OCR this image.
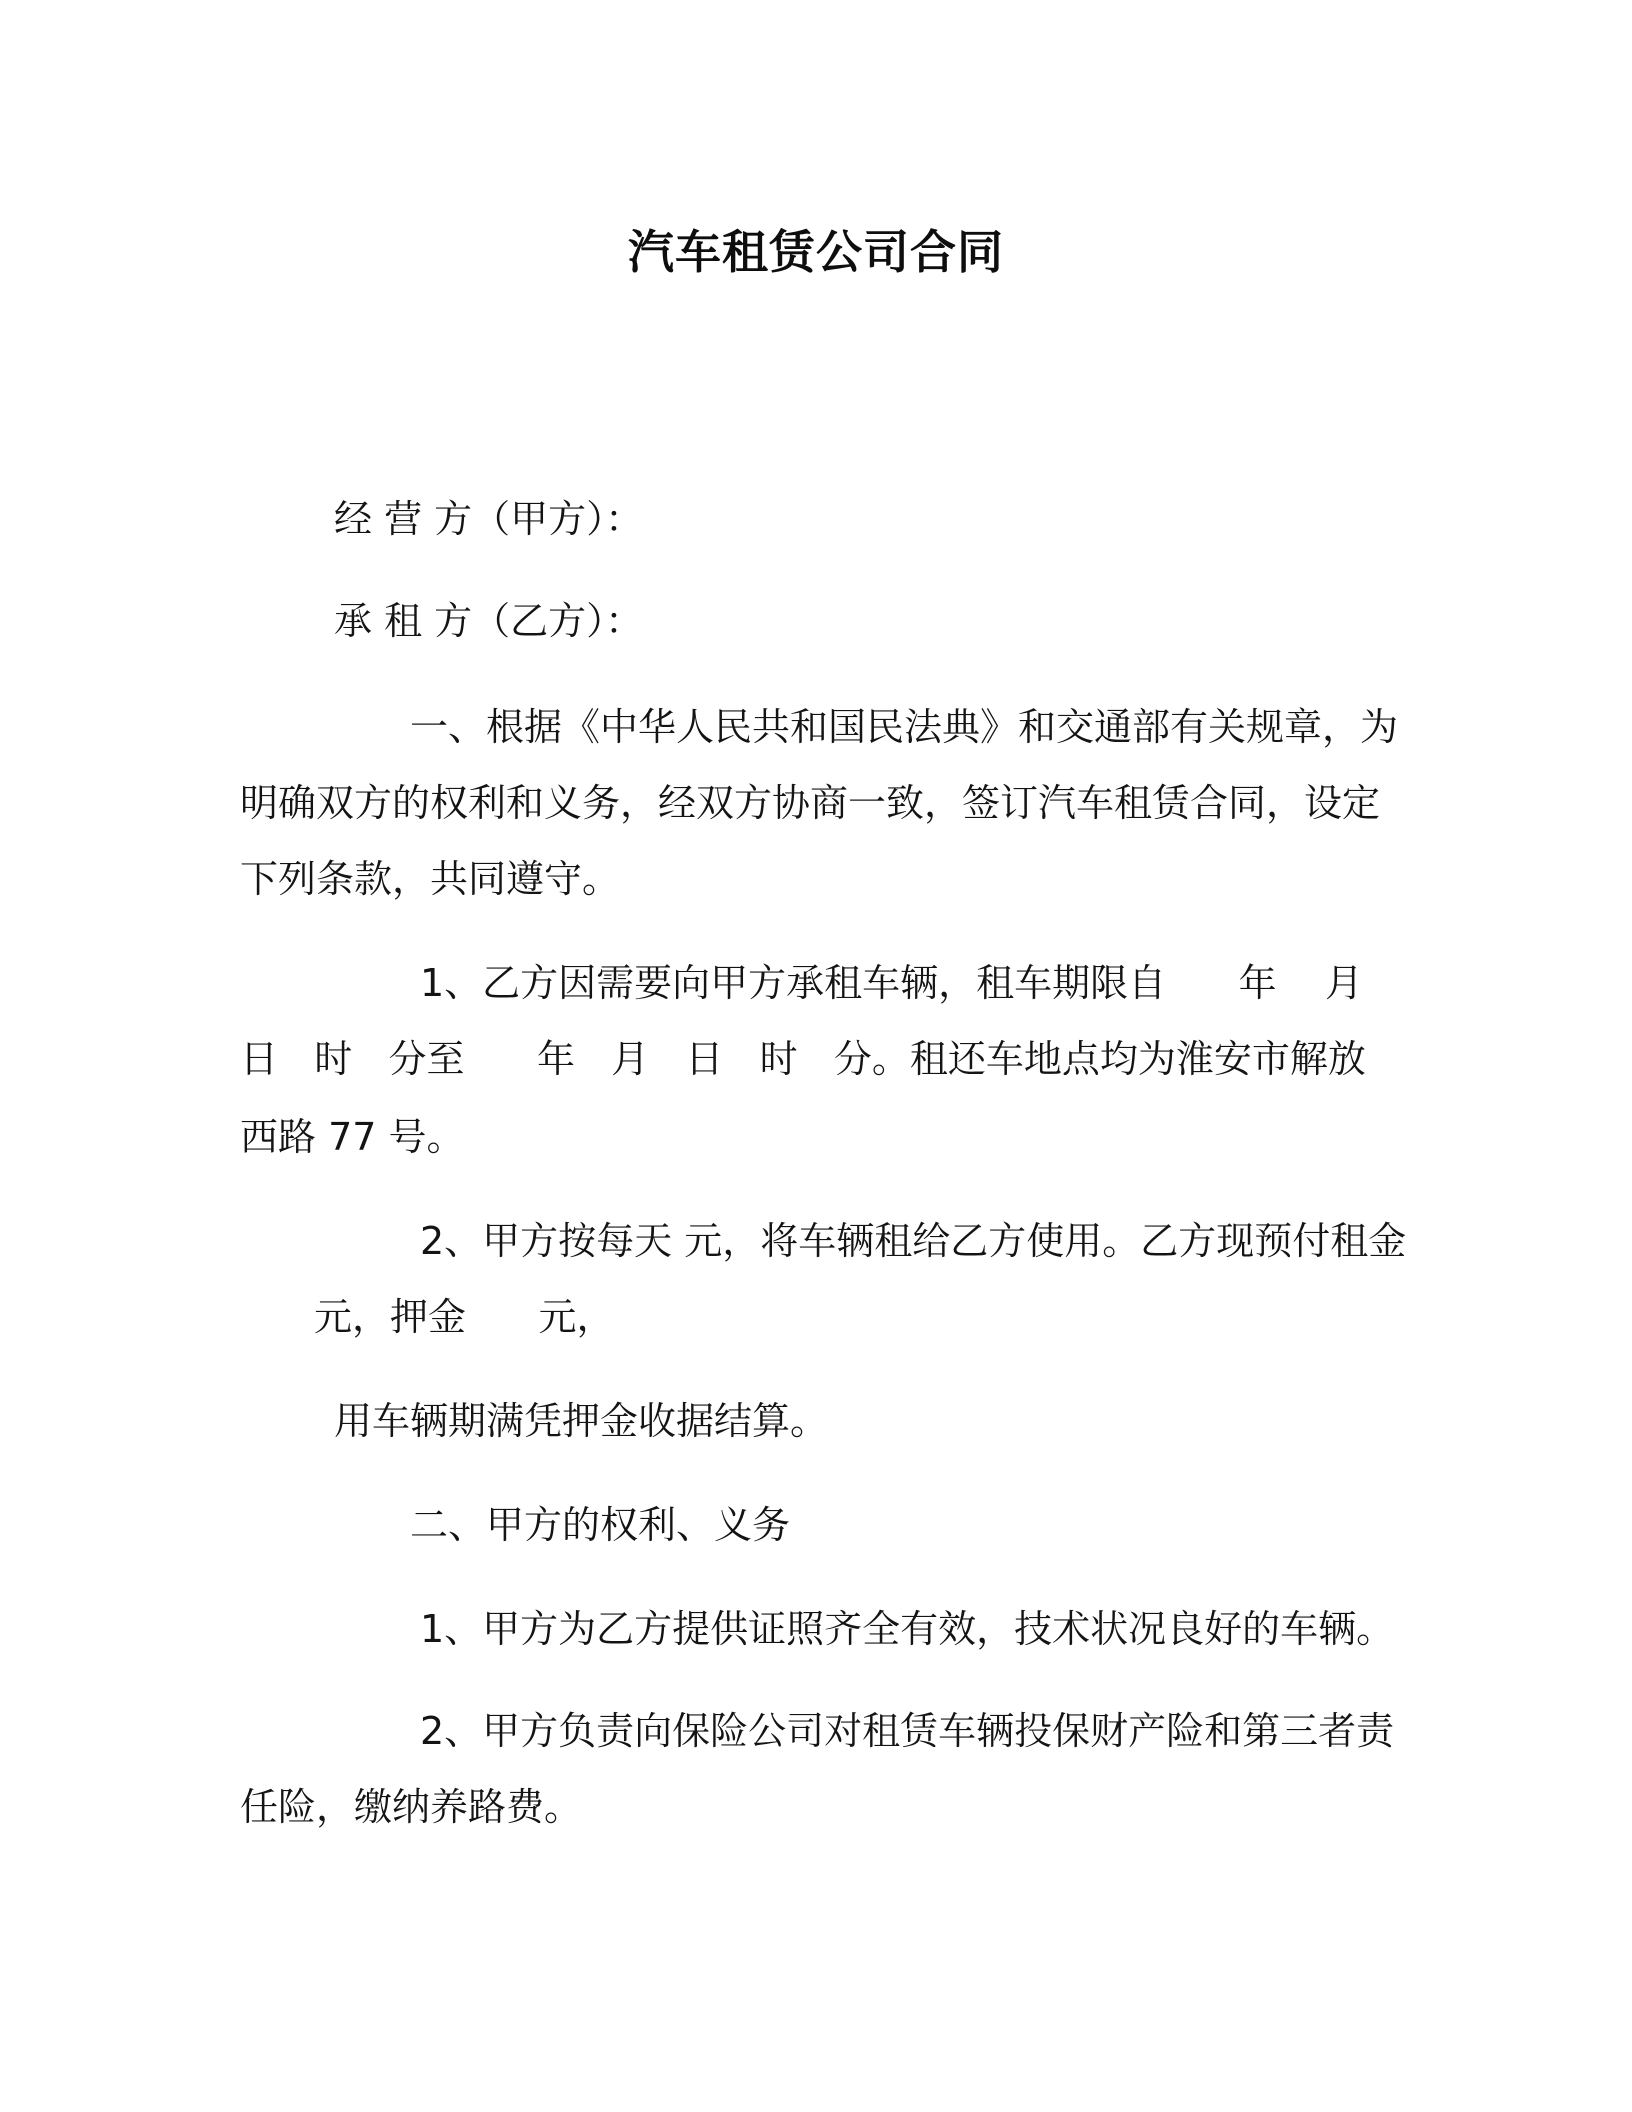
汽车租赁公司合同
经 营 方（甲方）：
承 租 方（乙方）：
一、根据《中华人民共和国民法典》和交通部有关规章，为
明确双方的权利和义务，经双方协商一致，签订汽车租赁合同，设定
下列条款，共同遵守。
1、乙方因需要向甲方承租车辆，租车期限自      年    月
日   时   分至      年   月   日   时   分。租还车地点均为淮安市解放
西路 77 号。
2、甲方按每天 元，将车辆租给乙方使用。乙方现预付租金
元，押金      元，
用车辆期满凭押金收据结算。
二、甲方的权利、义务
1、甲方为乙方提供证照齐全有效，技术状况良好的车辆。
2、甲方负责向保险公司对租赁车辆投保财产险和第三者责
任险，缴纳养路费。
